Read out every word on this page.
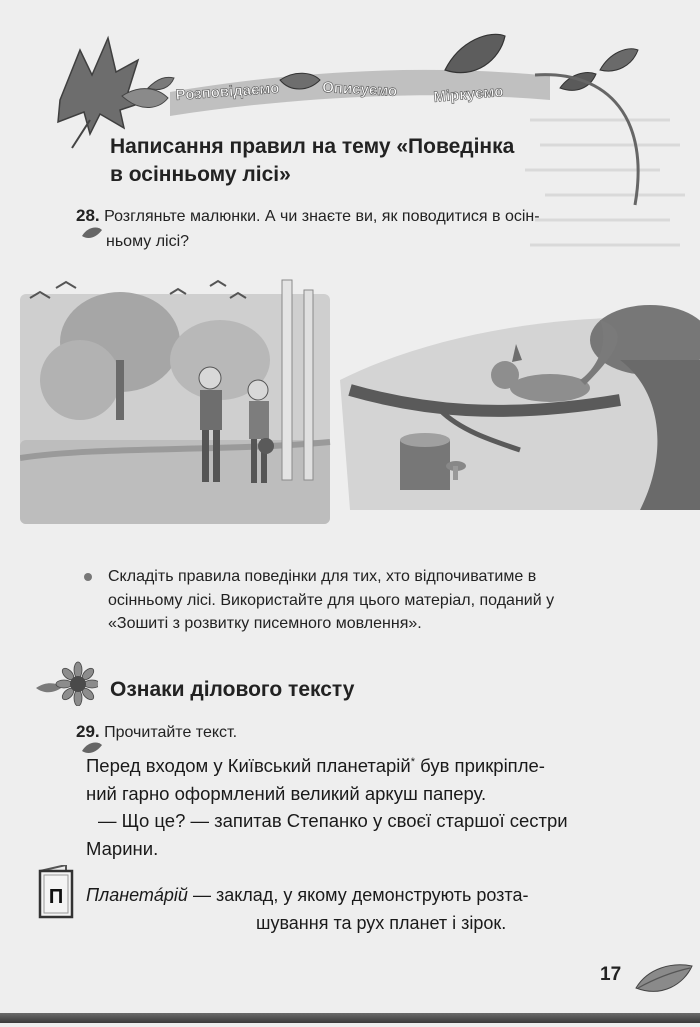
Розповідаємо	Описуємо Міркуємо
Написання правил на тему «Поведінка
в осінньому лісі»
28. Розгляньте малюнки. А чи знаєте ви, як поводитися в осін-
ньому лісі?
Складіть правила поведінки для тих, хто відпочиватиме в
осінньому лісі. Використайте для цього матеріал, поданий у
«Зошиті з розвитку писемного мовлення».
Ознаки ділового тексту
29. Прочитайте текст.

Перед входом у Київський планетарій* був прикріпле-

ний гарно оформлений великий аркуш паперу.

— Що це? — запитав Степанко у своєї старшої сестри

Марини.

П Планетáрій — заклад, у якому демонструють розта-
шування та рух планет і зірок.
17
